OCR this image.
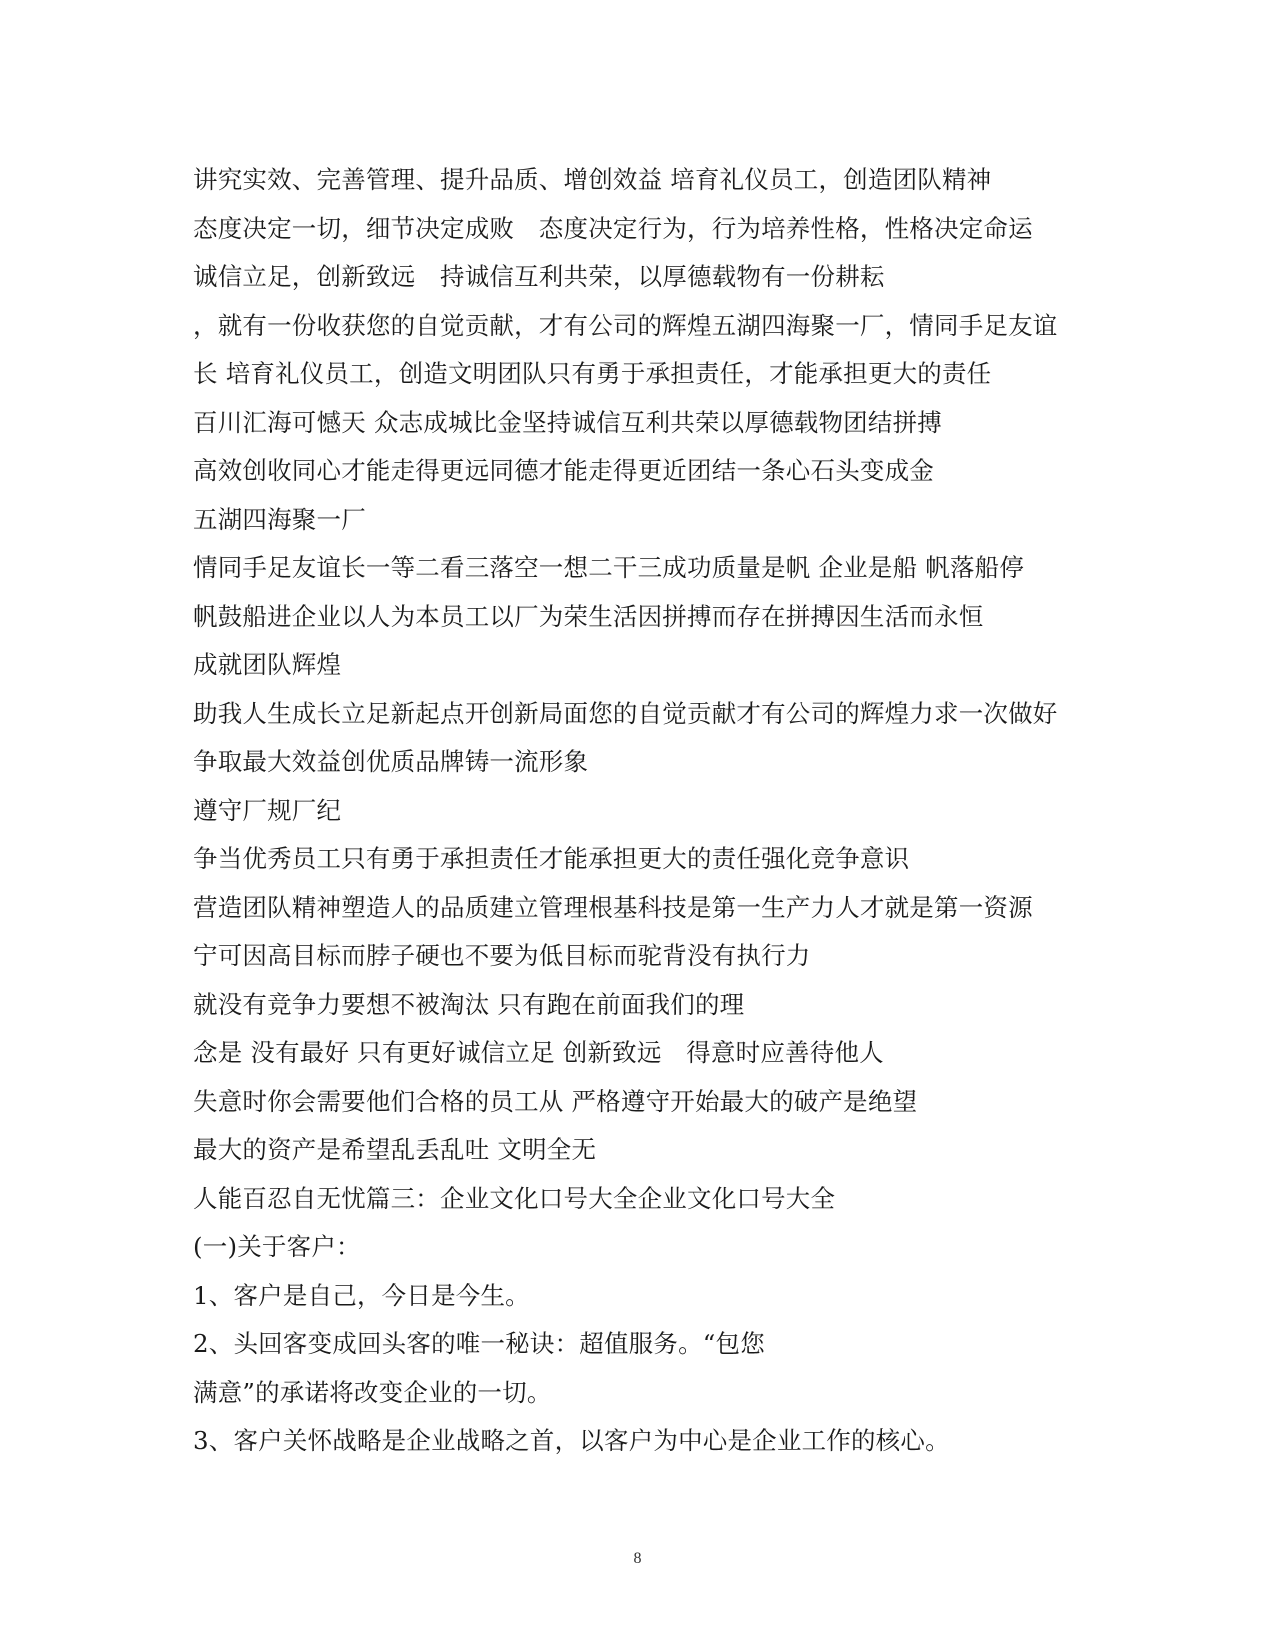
讲究实效、完善管理、提升品质、增创效益 培育礼仪员工，创造团队精神
态度决定一切，细节决定成败　态度决定行为，行为培养性格，性格决定命运
诚信立足，创新致远　持诚信互利共荣，以厚德载物有一份耕耘
，就有一份收获您的自觉贡献，才有公司的辉煌五湖四海聚一厂，情同手足友谊
长 培育礼仪员工，创造文明团队只有勇于承担责任，才能承担更大的责任
百川汇海可憾天 众志成城比金坚持诚信互利共荣以厚德载物团结拼搏
高效创收同心才能走得更远同德才能走得更近团结一条心石头变成金
五湖四海聚一厂
情同手足友谊长一等二看三落空一想二干三成功质量是帆 企业是船 帆落船停
帆鼓船进企业以人为本员工以厂为荣生活因拼搏而存在拼搏因生活而永恒
成就团队辉煌
助我人生成长立足新起点开创新局面您的自觉贡献才有公司的辉煌力求一次做好
争取最大效益创优质品牌铸一流形象
遵守厂规厂纪
争当优秀员工只有勇于承担责任才能承担更大的责任强化竞争意识
营造团队精神塑造人的品质建立管理根基科技是第一生产力人才就是第一资源
宁可因高目标而脖子硬也不要为低目标而驼背没有执行力
就没有竞争力要想不被淘汰 只有跑在前面我们的理
念是 没有最好 只有更好诚信立足 创新致远　得意时应善待他人
失意时你会需要他们合格的员工从 严格遵守开始最大的破产是绝望
最大的资产是希望乱丢乱吐 文明全无
人能百忍自无忧篇三：企业文化口号大全企业文化口号大全
(一)关于客户：
1、客户是自己，今日是今生。
2、头回客变成回头客的唯一秘诀：超值服务。“包您
满意”的承诺将改变企业的一切。
3、客户关怀战略是企业战略之首，以客户为中心是企业工作的核心。
8
